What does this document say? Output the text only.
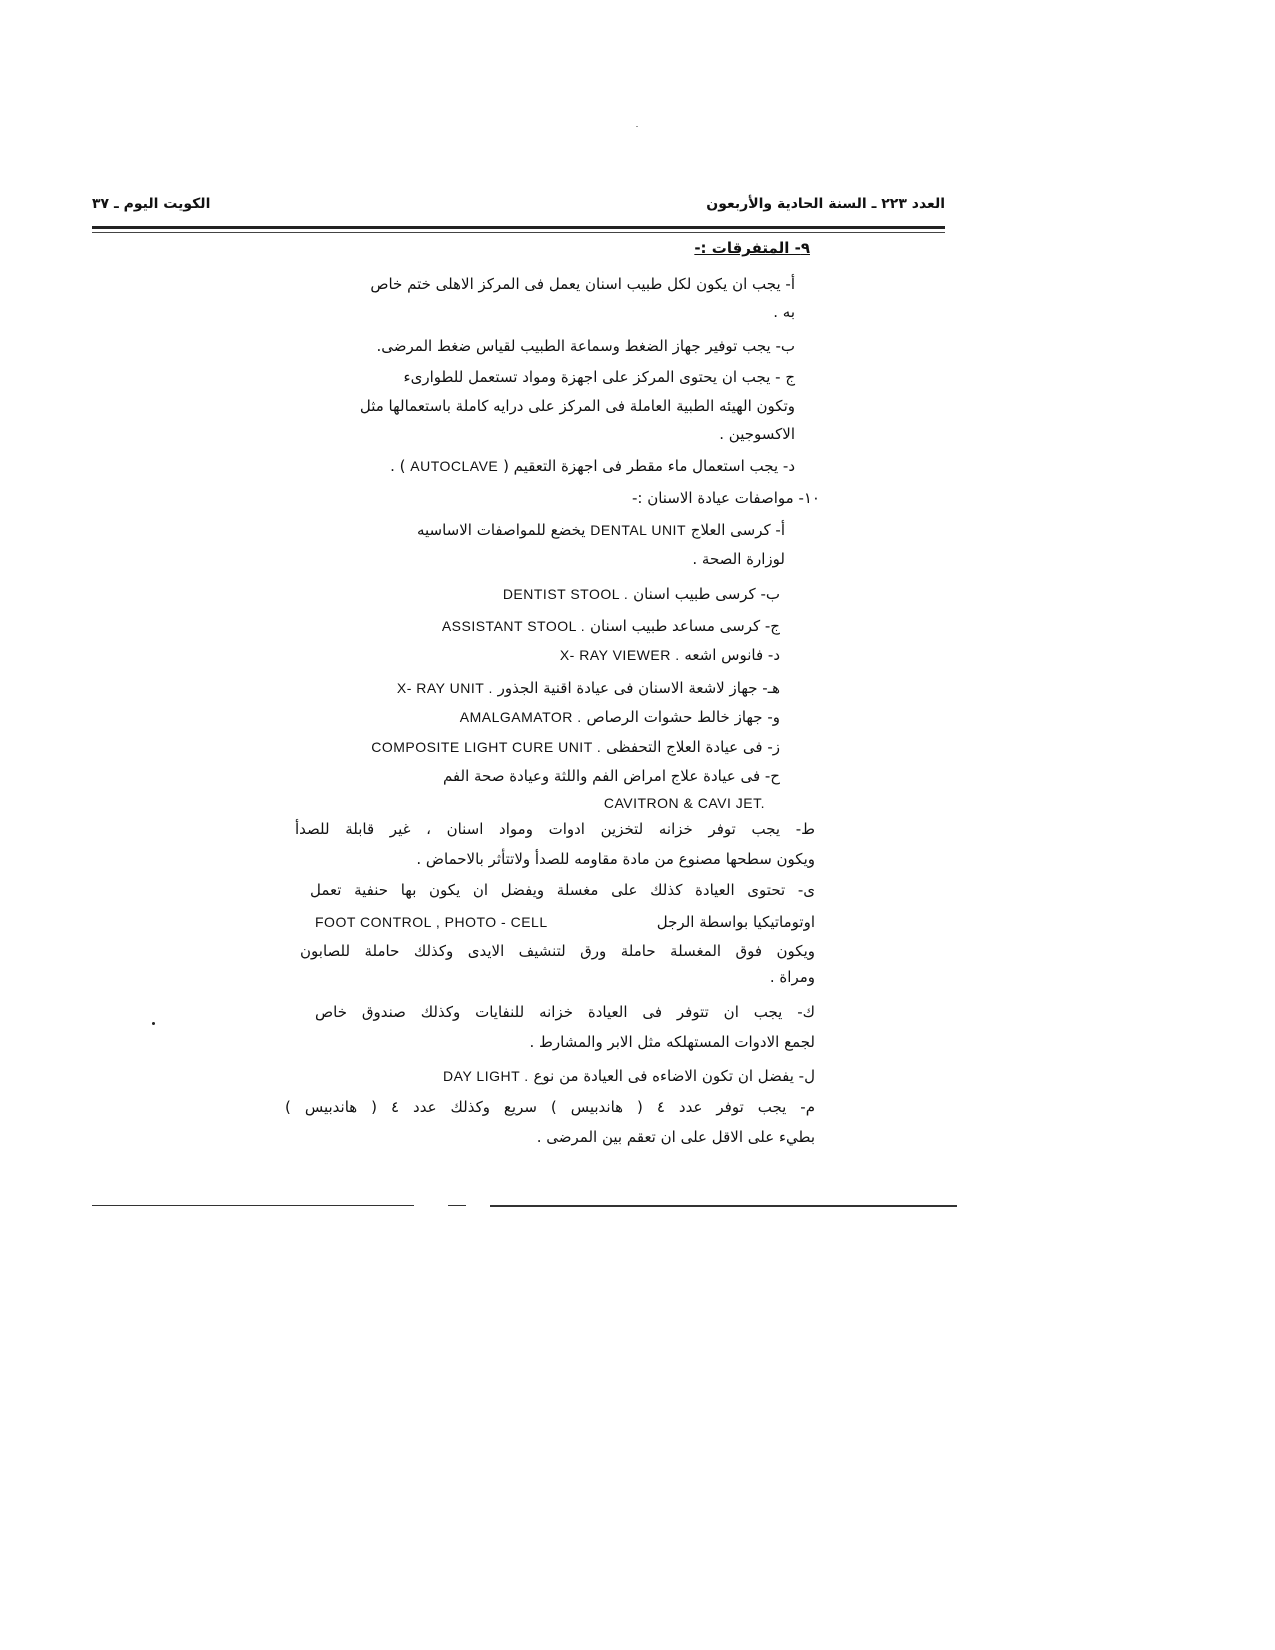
العدد ٢٢٣ ـ السنة الحادية والأربعون
الكويت اليوم ـ ٣٧
٩- المتفرقات :-
أ- يجب ان يكون لكل طبيب اسنان يعمل فى المركز الاهلى ختم خاص
به .
ب- يجب توفير جهاز الضغط وسماعة الطبيب لقياس ضغط المرضى.
ج - يجب ان يحتوى المركز على اجهزة ومواد تستعمل للطوارىء
وتكون الهيئه الطبية العاملة فى المركز على درايه كاملة باستعمالها مثل
الاكسوجين .
د- يجب استعمال ماء مقطر فى اجهزة التعقيم ( AUTOCLAVE ) .
١٠- مواصفات عيادة الاسنان :-
أ- كرسى العلاج DENTAL UNIT يخضع للمواصفات الاساسيه
لوزارة الصحة .
ب- كرسى طبيب اسنان DENTIST STOOL .
ج- كرسى مساعد طبيب اسنان ASSISTANT STOOL .
د- فانوس اشعه X- RAY VIEWER .
هـ- جهاز لاشعة الاسنان فى عيادة اقنية الجذور X- RAY UNIT .
و- جهاز خالط حشوات الرصاص AMALGAMATOR .
ز- فى عيادة العلاج التحفظى COMPOSITE LIGHT CURE UNIT .
ح- فى عيادة علاج امراض الفم واللثة وعيادة صحة الفم
CAVITRON & CAVI JET.
ط- يجب توفر خزانه لتخزين ادوات ومواد اسنان ، غير قابلة للصدأ
ويكون سطحها مصنوع من مادة مقاومه للصدأ ولاتتأثر بالاحماض .
ى- تحتوى العيادة كذلك على مغسلة ويفضل ان يكون بها حنفية تعمل
اوتوماتيكيا بواسطة الرجل
FOOT CONTROL , PHOTO - CELL
ويكون فوق المغسلة حاملة ورق لتنشيف الايدى وكذلك حاملة للصابون
ومراة .
ك- يجب ان تتوفر فى العيادة خزانه للنفايات وكذلك صندوق خاص
لجمع الادوات المستهلكه مثل الابر والمشارط .
ل- يفضل ان تكون الاضاءه فى العيادة من نوع DAY LIGHT .
م- يجب توفر عدد ٤ ( هاندبيس ) سريع وكذلك عدد ٤ ( هاندبيس )
بطيء على الاقل على ان تعقم بين المرضى .
